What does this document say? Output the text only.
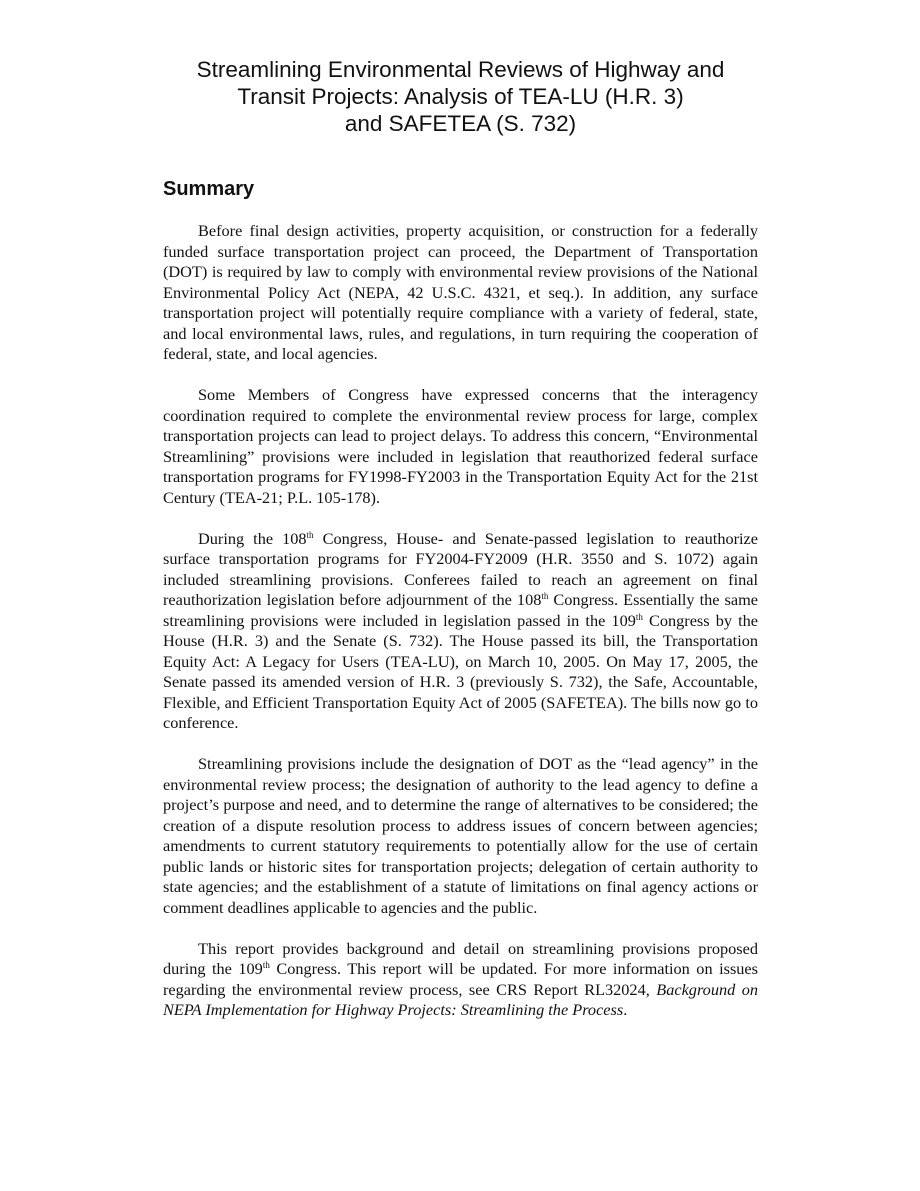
Streamlining Environmental Reviews of Highway and
Transit Projects: Analysis of TEA-LU (H.R. 3)
and SAFETEA (S. 732)
Summary

Before final design activities, property acquisition, or construction for a federally funded surface transportation project can proceed, the Department of Transportation (DOT) is required by law to comply with environmental review provisions of the National Environmental Policy Act (NEPA, 42 U.S.C. 4321, et seq.). In addition, any surface transportation project will potentially require compliance with a variety of federal, state, and local environmental laws, rules, and regulations, in turn requiring the cooperation of federal, state, and local agencies.

Some Members of Congress have expressed concerns that the interagency coordination required to complete the environmental review process for large, complex transportation projects can lead to project delays. To address this concern, “Environmental Streamlining” provisions were included in legislation that reauthorized federal surface transportation programs for FY1998-FY2003 in the Transportation Equity Act for the 21st Century (TEA-21; P.L. 105-178).

During the 108th Congress, House- and Senate-passed legislation to reauthorize surface transportation programs for FY2004-FY2009 (H.R. 3550 and S. 1072) again included streamlining provisions. Conferees failed to reach an agreement on final reauthorization legislation before adjournment of the 108th Congress. Essentially the same streamlining provisions were included in legislation passed in the 109th Congress by the House (H.R. 3) and the Senate (S. 732). The House passed its bill, the Transportation Equity Act: A Legacy for Users (TEA-LU), on March 10, 2005. On May 17, 2005, the Senate passed its amended version of H.R. 3 (previously S. 732), the Safe, Accountable, Flexible, and Efficient Transportation Equity Act of 2005 (SAFETEA). The bills now go to conference.

Streamlining provisions include the designation of DOT as the “lead agency” in the environmental review process; the designation of authority to the lead agency to define a project’s purpose and need, and to determine the range of alternatives to be considered; the creation of a dispute resolution process to address issues of concern between agencies; amendments to current statutory requirements to potentially allow for the use of certain public lands or historic sites for transportation projects; delegation of certain authority to state agencies; and the establishment of a statute of limitations on final agency actions or comment deadlines applicable to agencies and the public.

This report provides background and detail on streamlining provisions proposed during the 109th Congress. This report will be updated. For more information on issues regarding the environmental review process, see CRS Report RL32024, Background on NEPA Implementation for Highway Projects: Streamlining the Process.
